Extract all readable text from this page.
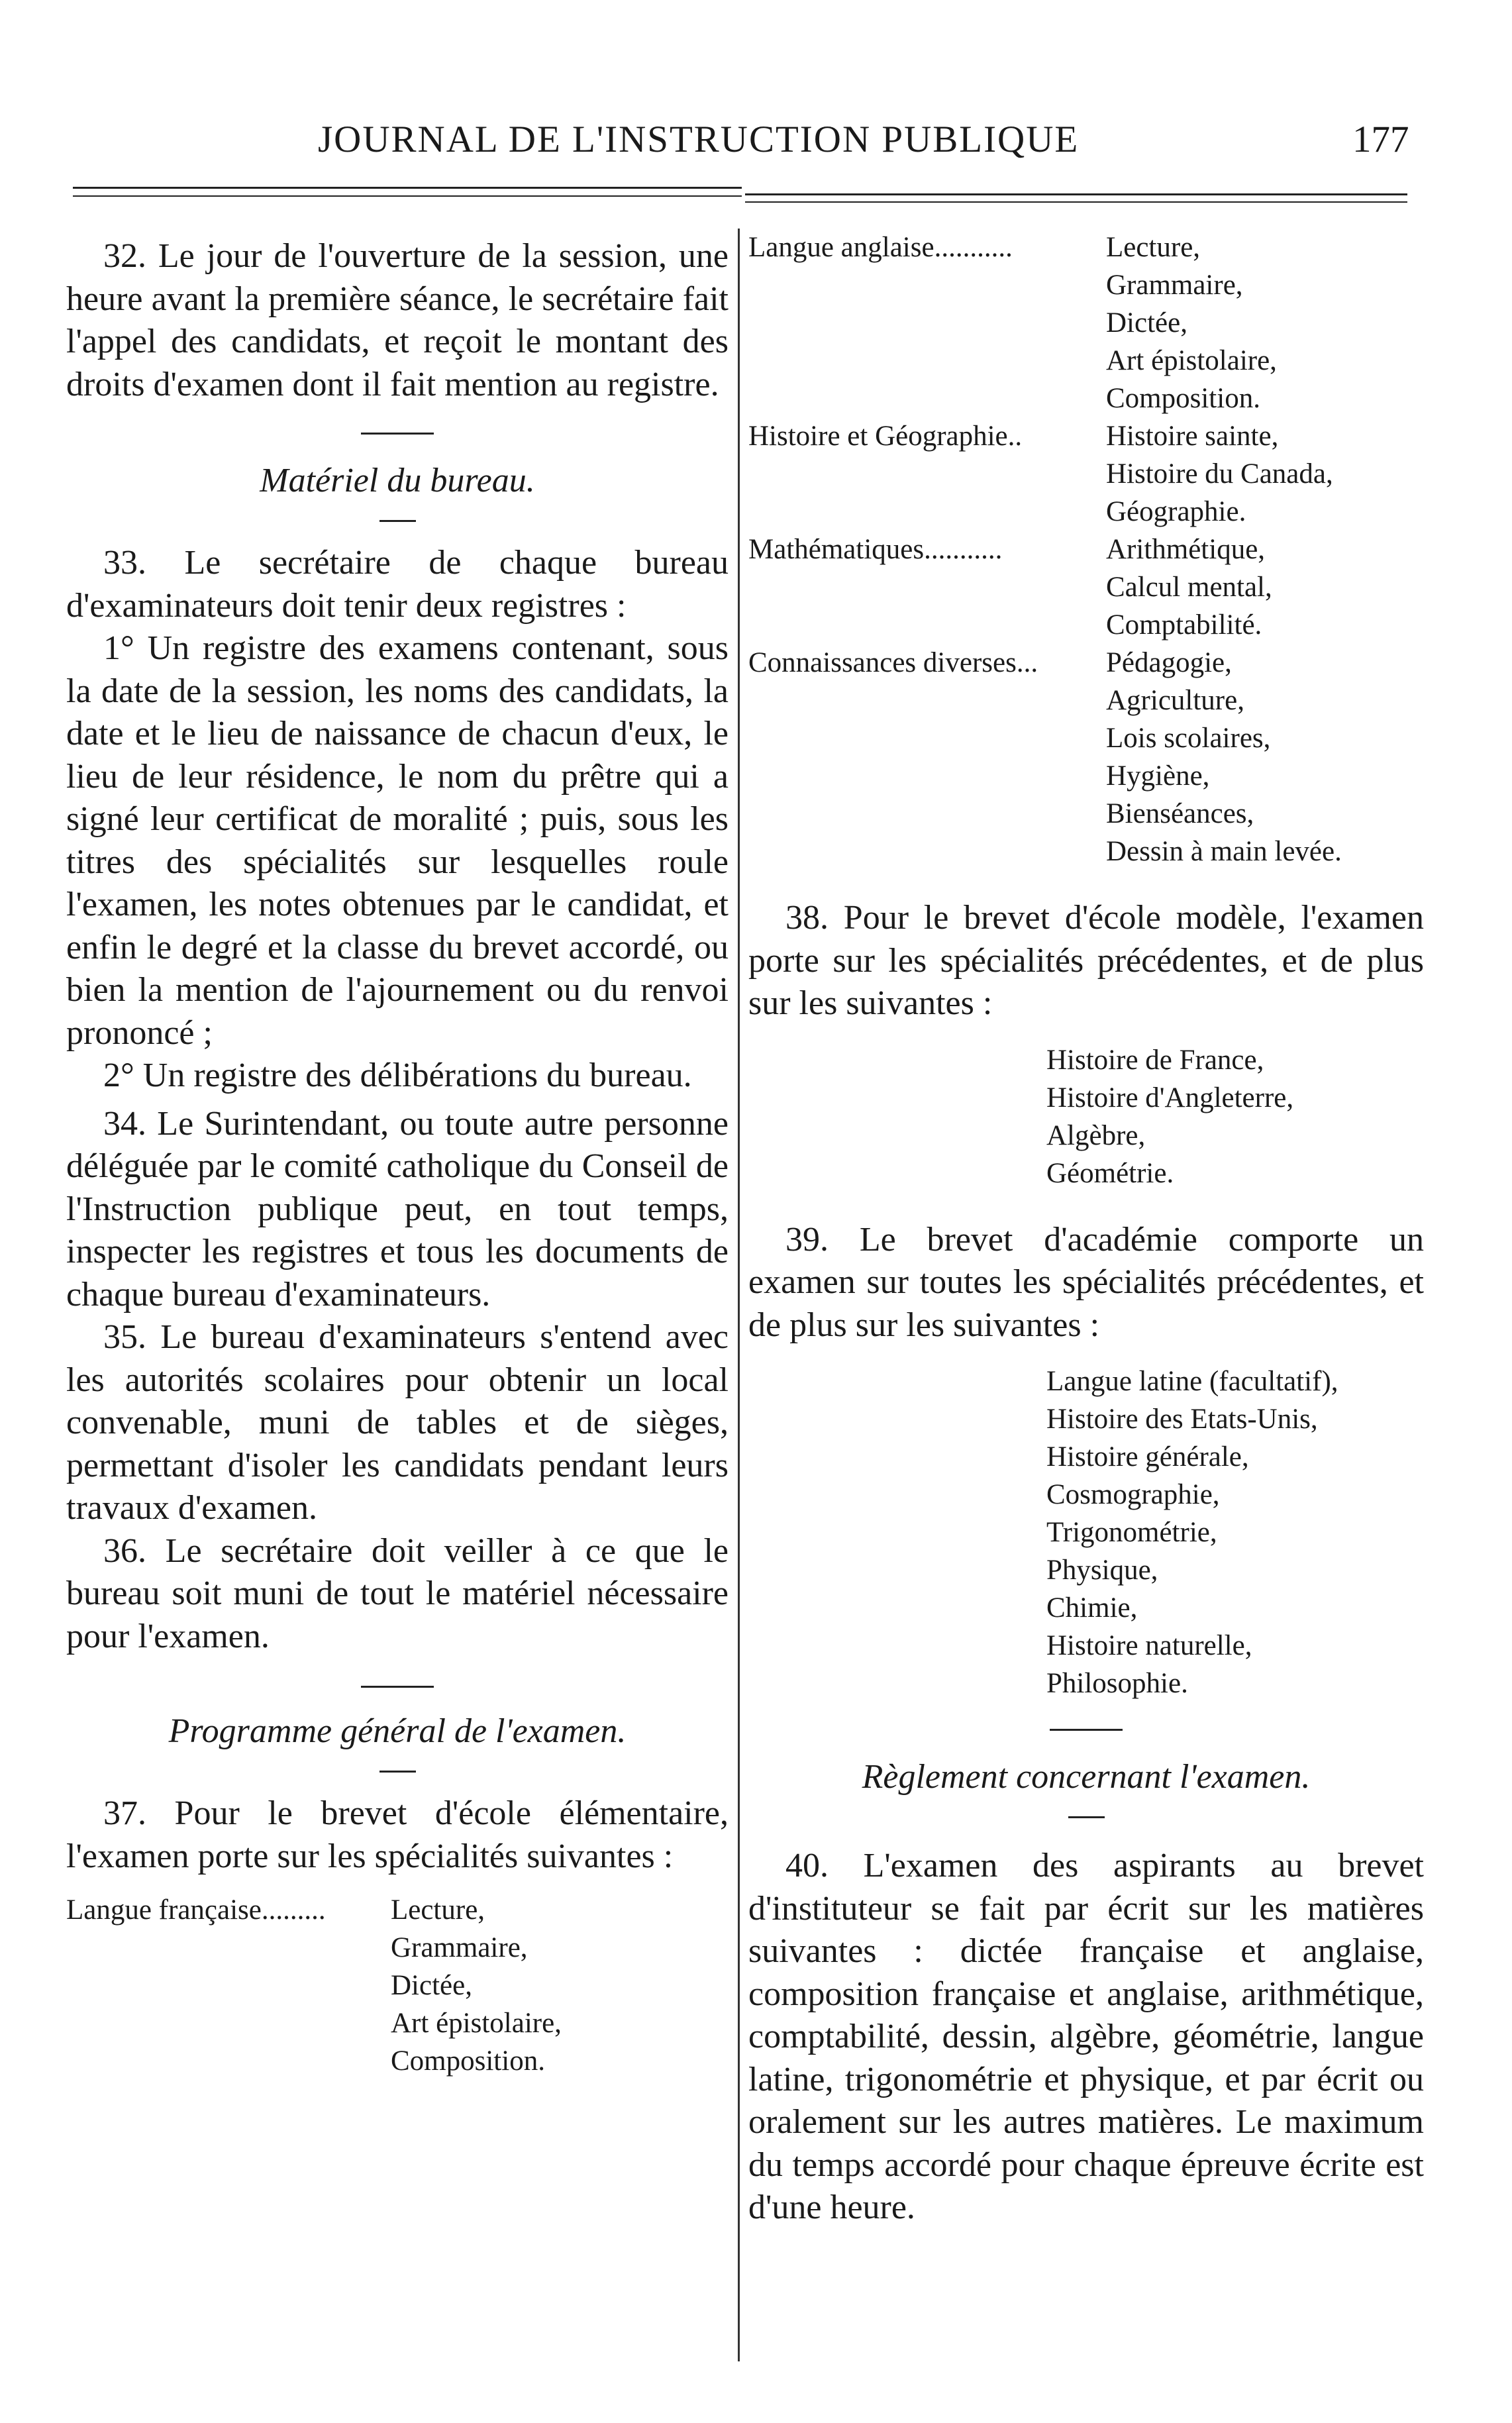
JOURNAL DE L'INSTRUCTION PUBLIQUE	177

32. Le jour de l'ouverture de la session, une heure avant la première séance, le secrétaire fait l'appel des candidats, et reçoit le montant des droits d'examen dont il fait mention au registre.

Matériel du bureau.

33. Le secrétaire de chaque bureau d'examinateurs doit tenir deux registres :

1° Un registre des examens contenant, sous la date de la session, les noms des candidats, la date et le lieu de naissance de chacun d'eux, le lieu de leur résidence, le nom du prêtre qui a signé leur certificat de moralité ; puis, sous les titres des spécialités sur lesquelles roule l'examen, les notes obtenues par le candidat, et enfin le degré et la classe du brevet accordé, ou bien la mention de l'ajournement ou du renvoi prononcé ;

2° Un registre des délibérations du bureau.

34. Le Surintendant, ou toute autre personne déléguée par le comité catholique du Conseil de l'Instruction publique peut, en tout temps, inspecter les registres et tous les documents de chaque bureau d'examinateurs.

35. Le bureau d'examinateurs s'entend avec les autorités scolaires pour obtenir un local convenable, muni de tables et de sièges, permettant d'isoler les candidats pendant leurs travaux d'examen.

36. Le secrétaire doit veiller à ce que le bureau soit muni de tout le matériel nécessaire pour l'examen.

Programme général de l'examen.

37. Pour le brevet d'école élémentaire, l'examen porte sur les spécialités suivantes :

Langue française.........	Lecture,
Grammaire,
Dictée,
Art épistolaire,
Composition.
Langue anglaise...........	Lecture,
Grammaire,
Dictée,
Art épistolaire,
Composition.
Histoire et Géographie..	Histoire sainte,
Histoire du Canada,
Géographie.
Mathématiques...........	Arithmétique,
Calcul mental,
Comptabilité.
Connaissances diverses...	Pédagogie,
Agriculture,
Lois scolaires,
Hygiène,
Bienséances,
Dessin à main levée.

38. Pour le brevet d'école modèle, l'examen porte sur les spécialités précédentes, et de plus sur les suivantes :

Histoire de France,
Histoire d'Angleterre,
Algèbre,
Géométrie.

39. Le brevet d'académie comporte un examen sur toutes les spécialités précédentes, et de plus sur les suivantes :

Langue latine (facultatif),
Histoire des Etats-Unis,
Histoire générale,
Cosmographie,
Trigonométrie,
Physique,
Chimie,
Histoire naturelle,
Philosophie.

Règlement concernant l'examen.

40. L'examen des aspirants au brevet d'instituteur se fait par écrit sur les matières suivantes : dictée française et anglaise, composition française et anglaise, arithmétique, comptabilité, dessin, algèbre, géométrie, langue latine, trigonométrie et physique, et par écrit ou oralement sur les autres matières. Le maximum du temps accordé pour chaque épreuve écrite est d'une heure.
